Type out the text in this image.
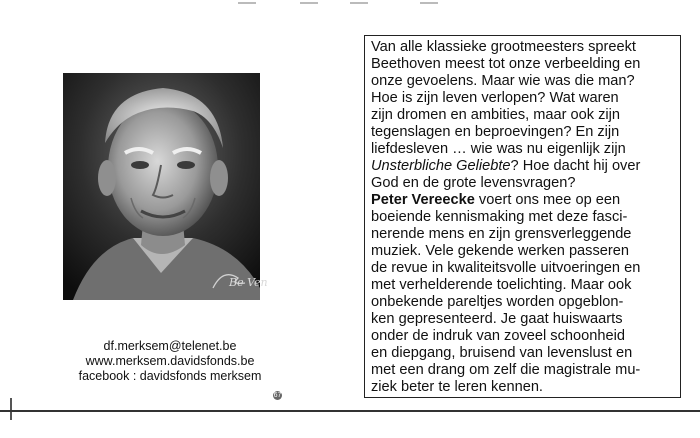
Be Ven
df.merksem@telenet.be
www.merksem.davidsfonds.be
facebook : davidsfonds merksem
67
Van alle klassieke grootmeesters spreekt
Beethoven meest tot onze verbeelding en
onze gevoelens. Maar wie was die man?
Hoe is zijn leven verlopen? Wat waren
zijn dromen en ambities, maar ook zijn
tegenslagen en beproevingen? En zijn
liefdesleven … wie was nu eigenlijk zijn
Unsterbliche Geliebte? Hoe dacht hij over
God en de grote levensvragen?
Peter Vereecke voert ons mee op een
boeiende kennismaking met deze fasci-
nerende mens en zijn grensverleggende
muziek. Vele gekende werken passeren
de revue in kwaliteitsvolle uitvoeringen en
met verhelderende toelichting. Maar ook
onbekende pareltjes worden opgeblon-
ken gepresenteerd. Je gaat huiswaarts
onder de indruk van zoveel schoonheid
en diepgang, bruisend van levenslust en
met een drang om zelf die magistrale mu-
ziek beter te leren kennen.
